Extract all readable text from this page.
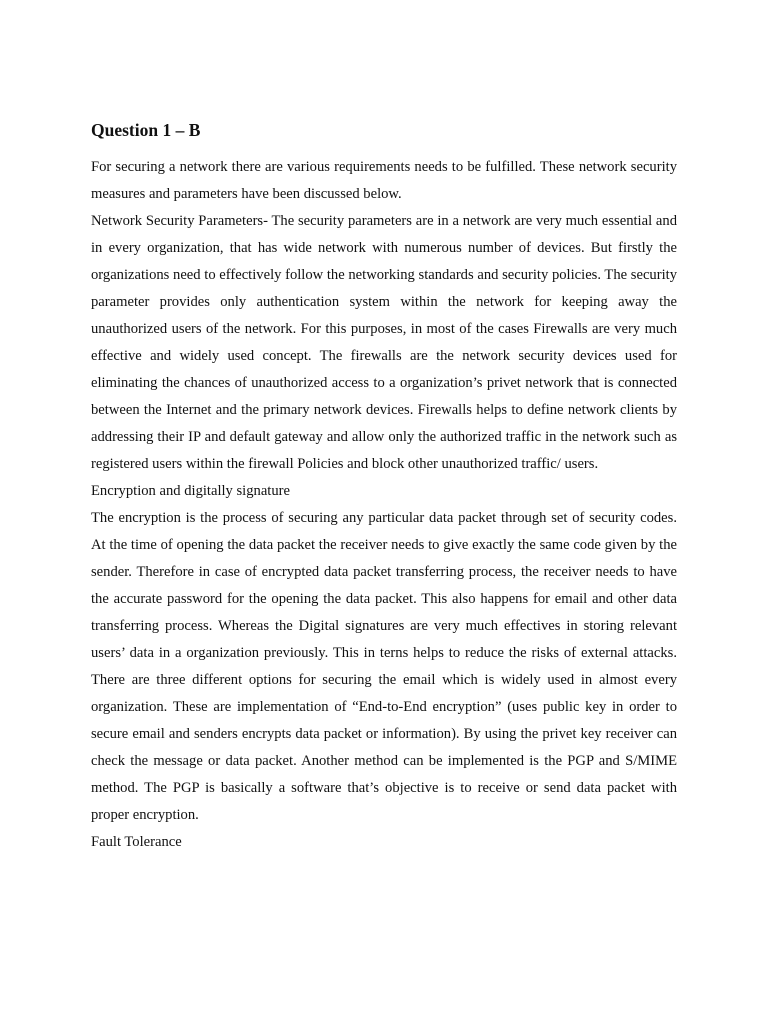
Question 1 – B

For securing a network there are various requirements needs to be fulfilled. These network security measures and parameters have been discussed below.

Network Security Parameters- The security parameters are in a network are very much essential and in every organization, that has wide network with numerous number of devices. But firstly the organizations need to effectively follow the networking standards and security policies. The security parameter provides only authentication system within the network for keeping away the unauthorized users of the network. For this purposes, in most of the cases Firewalls are very much effective and widely used concept. The firewalls are the network security devices used for eliminating the chances of unauthorized access to a organization’s privet network that is connected between the Internet and the primary network devices. Firewalls helps to define network clients by addressing their IP and default gateway and allow only the authorized traffic in the network such as registered users within the firewall Policies and block other unauthorized traffic/ users.

Encryption and digitally signature

The encryption is the process of securing any particular data packet through set of security codes. At the time of opening the data packet the receiver needs to give exactly the same code given by the sender. Therefore in case of encrypted data packet transferring process, the receiver needs to have the accurate password for the opening the data packet. This also happens for email and other data transferring process. Whereas the Digital signatures are very much effectives in storing relevant users’ data in a organization previously. This in terns helps to reduce the risks of external attacks. There are three different options for securing the email which is widely used in almost every organization. These are implementation of “End-to-End encryption” (uses public key in order to secure email and senders encrypts data packet or information). By using the privet key receiver can check the message or data packet. Another method can be implemented is the PGP and S/MIME method. The PGP is basically a software that’s objective is to receive or send data packet with proper encryption.

Fault Tolerance
